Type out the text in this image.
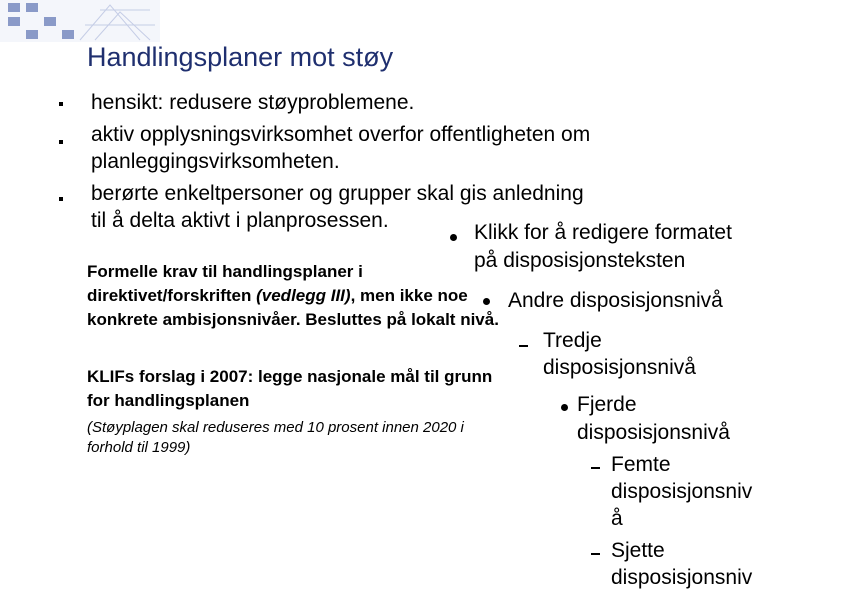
Handlingsplaner mot støy
hensikt: redusere støyproblemene.
aktiv opplysningsvirksomhet overfor offentligheten om
planleggingsvirksomheten.
berørte enkeltpersoner og grupper skal gis anledning
til å delta aktivt i planprosessen.
Formelle krav til handlingsplaner i
direktivet/forskriften (vedlegg III), men ikke noe
konkrete ambisjonsnivåer. Besluttes på lokalt nivå.
KLIFs forslag i 2007: legge nasjonale mål til grunn
for handlingsplanen
(Støyplagen skal reduseres med 10 prosent innen 2020 i
forhold til 1999)
Klikk for å redigere formatet
på disposisjonsteksten
Andre disposisjonsnivå
Tredje
disposisjonsnivå
Fjerde
disposisjonsnivå
Femte
disposisjonsniv
å
Sjette
disposisjonsniv
